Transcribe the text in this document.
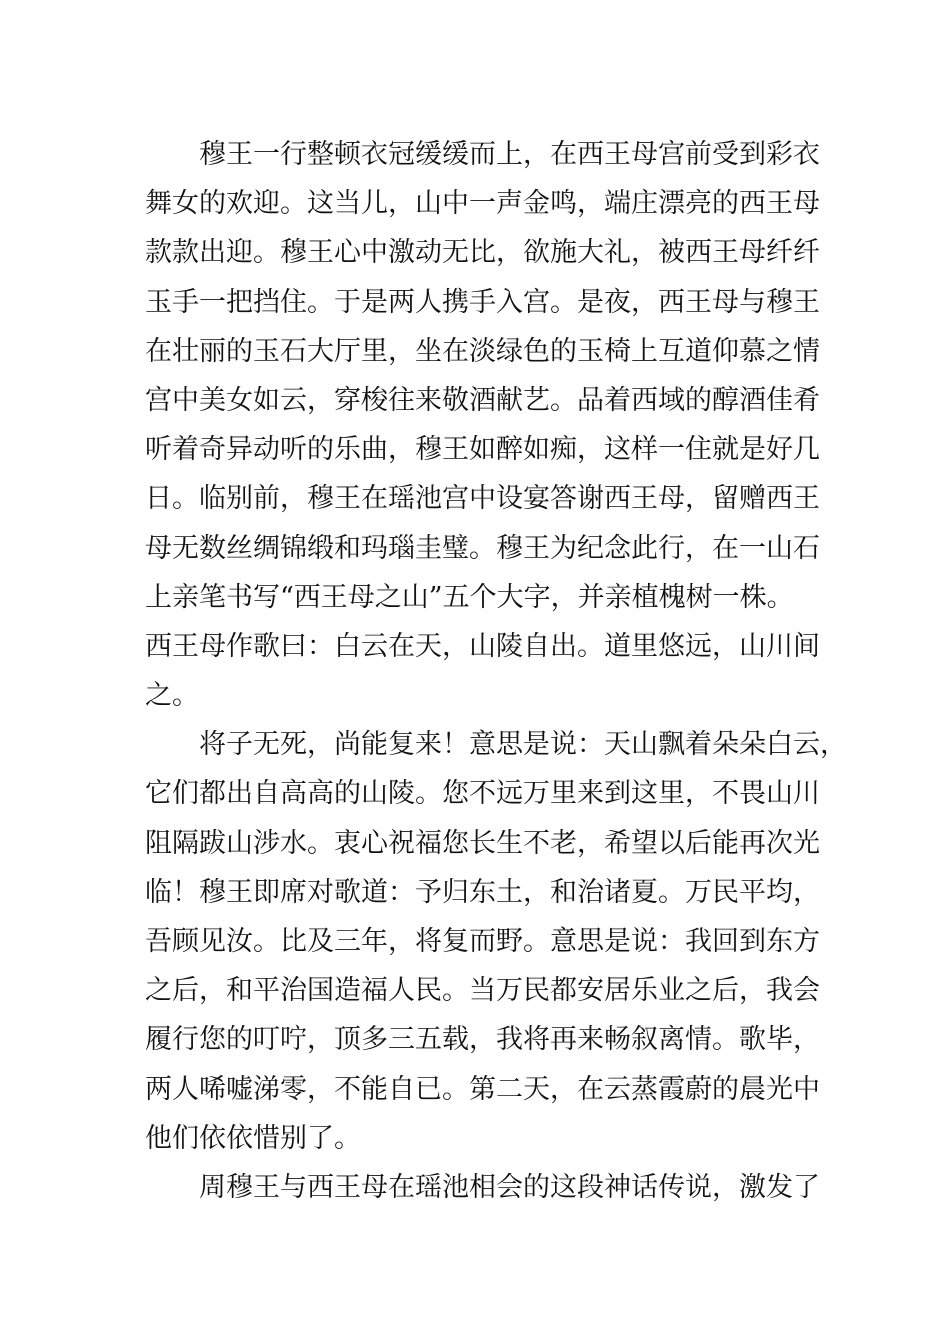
穆王一行整顿衣冠缓缓而上，在西王母宫前受到彩衣
舞女的欢迎。这当儿，山中一声金鸣，端庄漂亮的西王母
款款出迎。穆王心中激动无比，欲施大礼，被西王母纤纤
玉手一把挡住。于是两人携手入宫。是夜，西王母与穆王
在壮丽的玉石大厅里，坐在淡绿色的玉椅上互道仰慕之情
宫中美女如云，穿梭往来敬酒献艺。品着西域的醇酒佳肴
听着奇异动听的乐曲，穆王如醉如痴，这样一住就是好几
日。临别前，穆王在瑶池宫中设宴答谢西王母，留赠西王
母无数丝绸锦缎和玛瑙圭璧。穆王为纪念此行，在一山石
上亲笔书写“西王母之山”五个大字，并亲植槐树一株。
西王母作歌曰：白云在天，山陵自出。道里悠远，山川间
之。
将子无死，尚能复来！意思是说：天山飘着朵朵白云，
它们都出自高高的山陵。您不远万里来到这里，不畏山川
阻隔跋山涉水。衷心祝福您长生不老，希望以后能再次光
临！穆王即席对歌道：予归东土，和治诸夏。万民平均，
吾顾见汝。比及三年，将复而野。意思是说：我回到东方
之后，和平治国造福人民。当万民都安居乐业之后，我会
履行您的叮咛，顶多三五载，我将再来畅叙离情。歌毕，
两人唏嘘涕零，不能自已。第二天，在云蒸霞蔚的晨光中
他们依依惜别了。
周穆王与西王母在瑶池相会的这段神话传说，激发了
